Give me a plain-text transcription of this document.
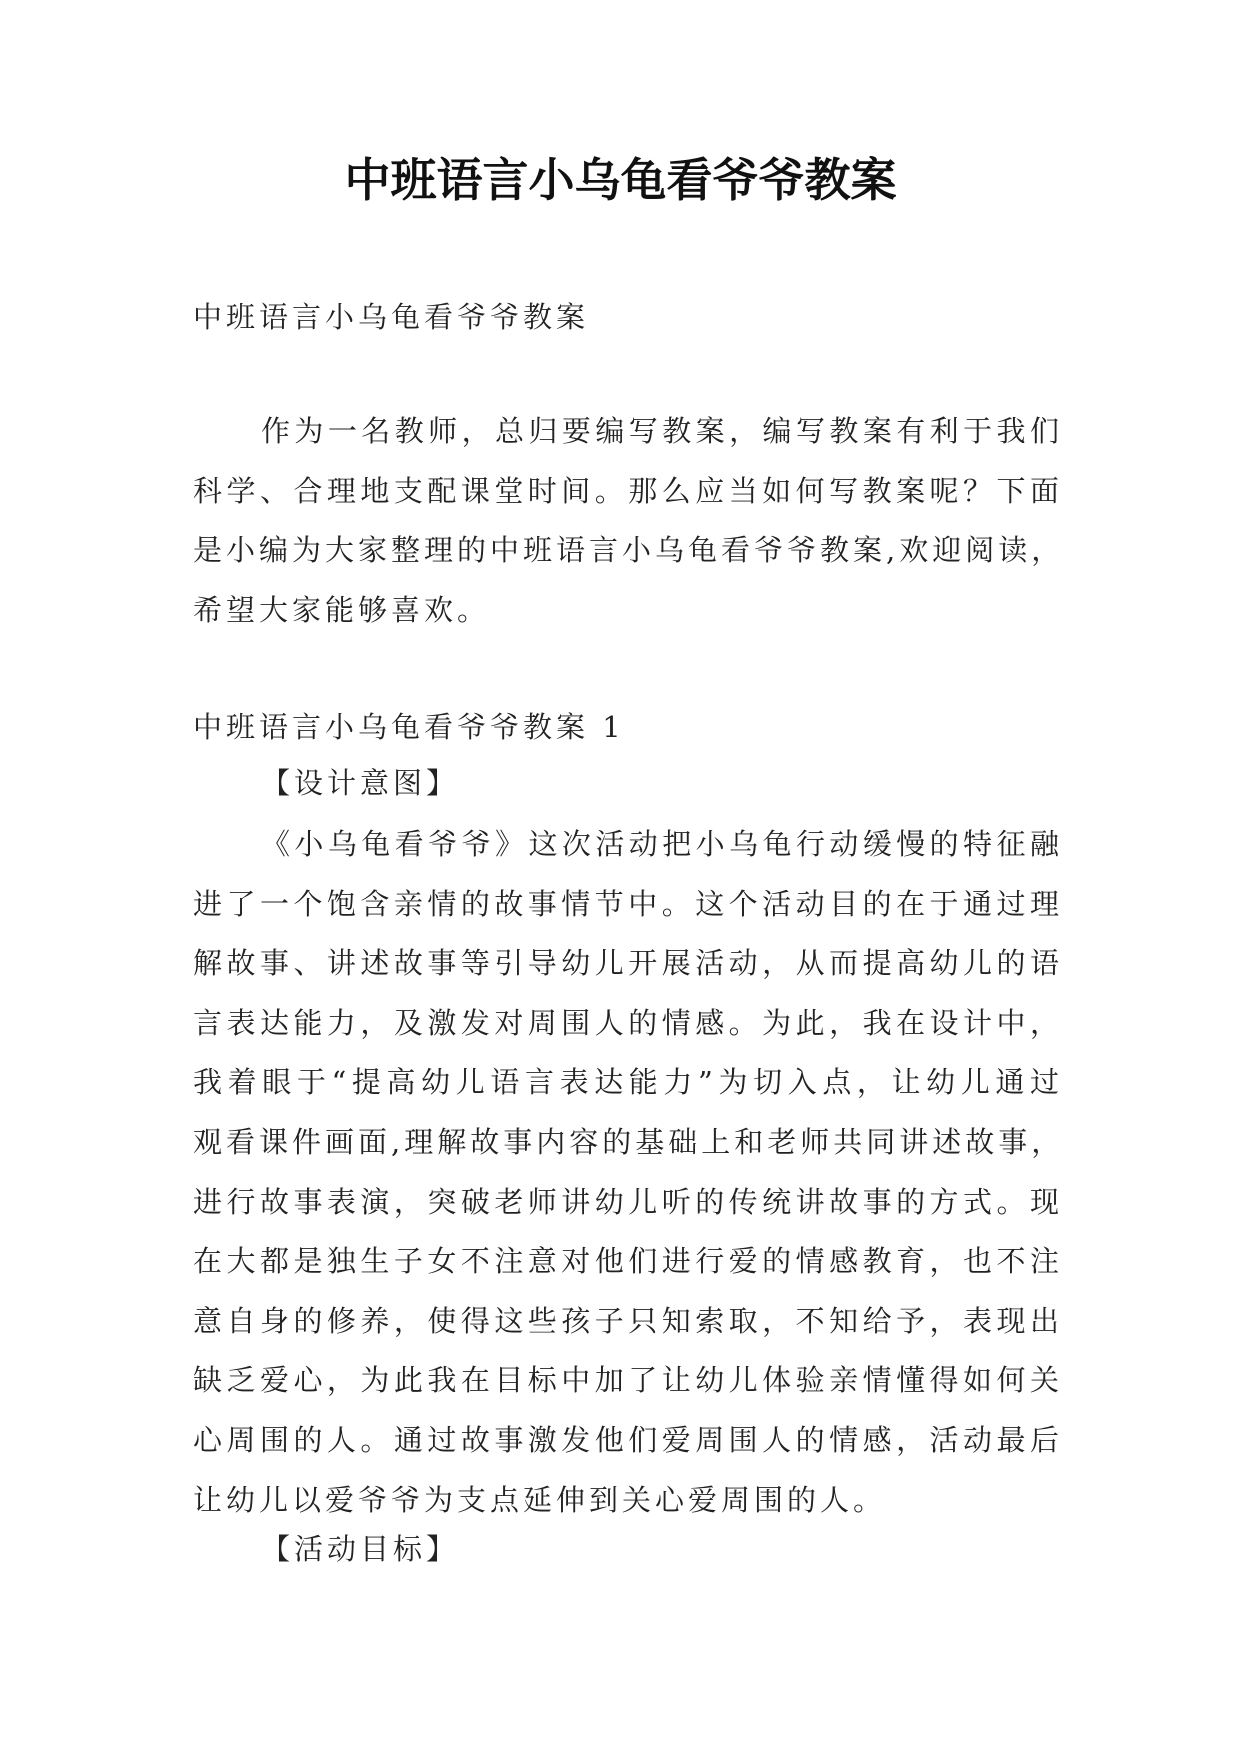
中班语言小乌龟看爷爷教案
中班语言小乌龟看爷爷教案
作为一名教师，总归要编写教案，编写教案有利于我们
科学、合理地支配课堂时间。那么应当如何写教案呢？下面
是小编为大家整理的中班语言小乌龟看爷爷教案,欢迎阅读，
希望大家能够喜欢。
中班语言小乌龟看爷爷教案 1
【设计意图】
《小乌龟看爷爷》这次活动把小乌龟行动缓慢的特征融
进了一个饱含亲情的故事情节中。这个活动目的在于通过理
解故事、讲述故事等引导幼儿开展活动，从而提高幼儿的语
言表达能力，及激发对周围人的情感。为此，我在设计中，
我着眼于“提高幼儿语言表达能力”为切入点，让幼儿通过
观看课件画面,理解故事内容的基础上和老师共同讲述故事，
进行故事表演，突破老师讲幼儿听的传统讲故事的方式。现
在大都是独生子女不注意对他们进行爱的情感教育，也不注
意自身的修养，使得这些孩子只知索取，不知给予，表现出
缺乏爱心，为此我在目标中加了让幼儿体验亲情懂得如何关
心周围的人。通过故事激发他们爱周围人的情感，活动最后
让幼儿以爱爷爷为支点延伸到关心爱周围的人。
【活动目标】
